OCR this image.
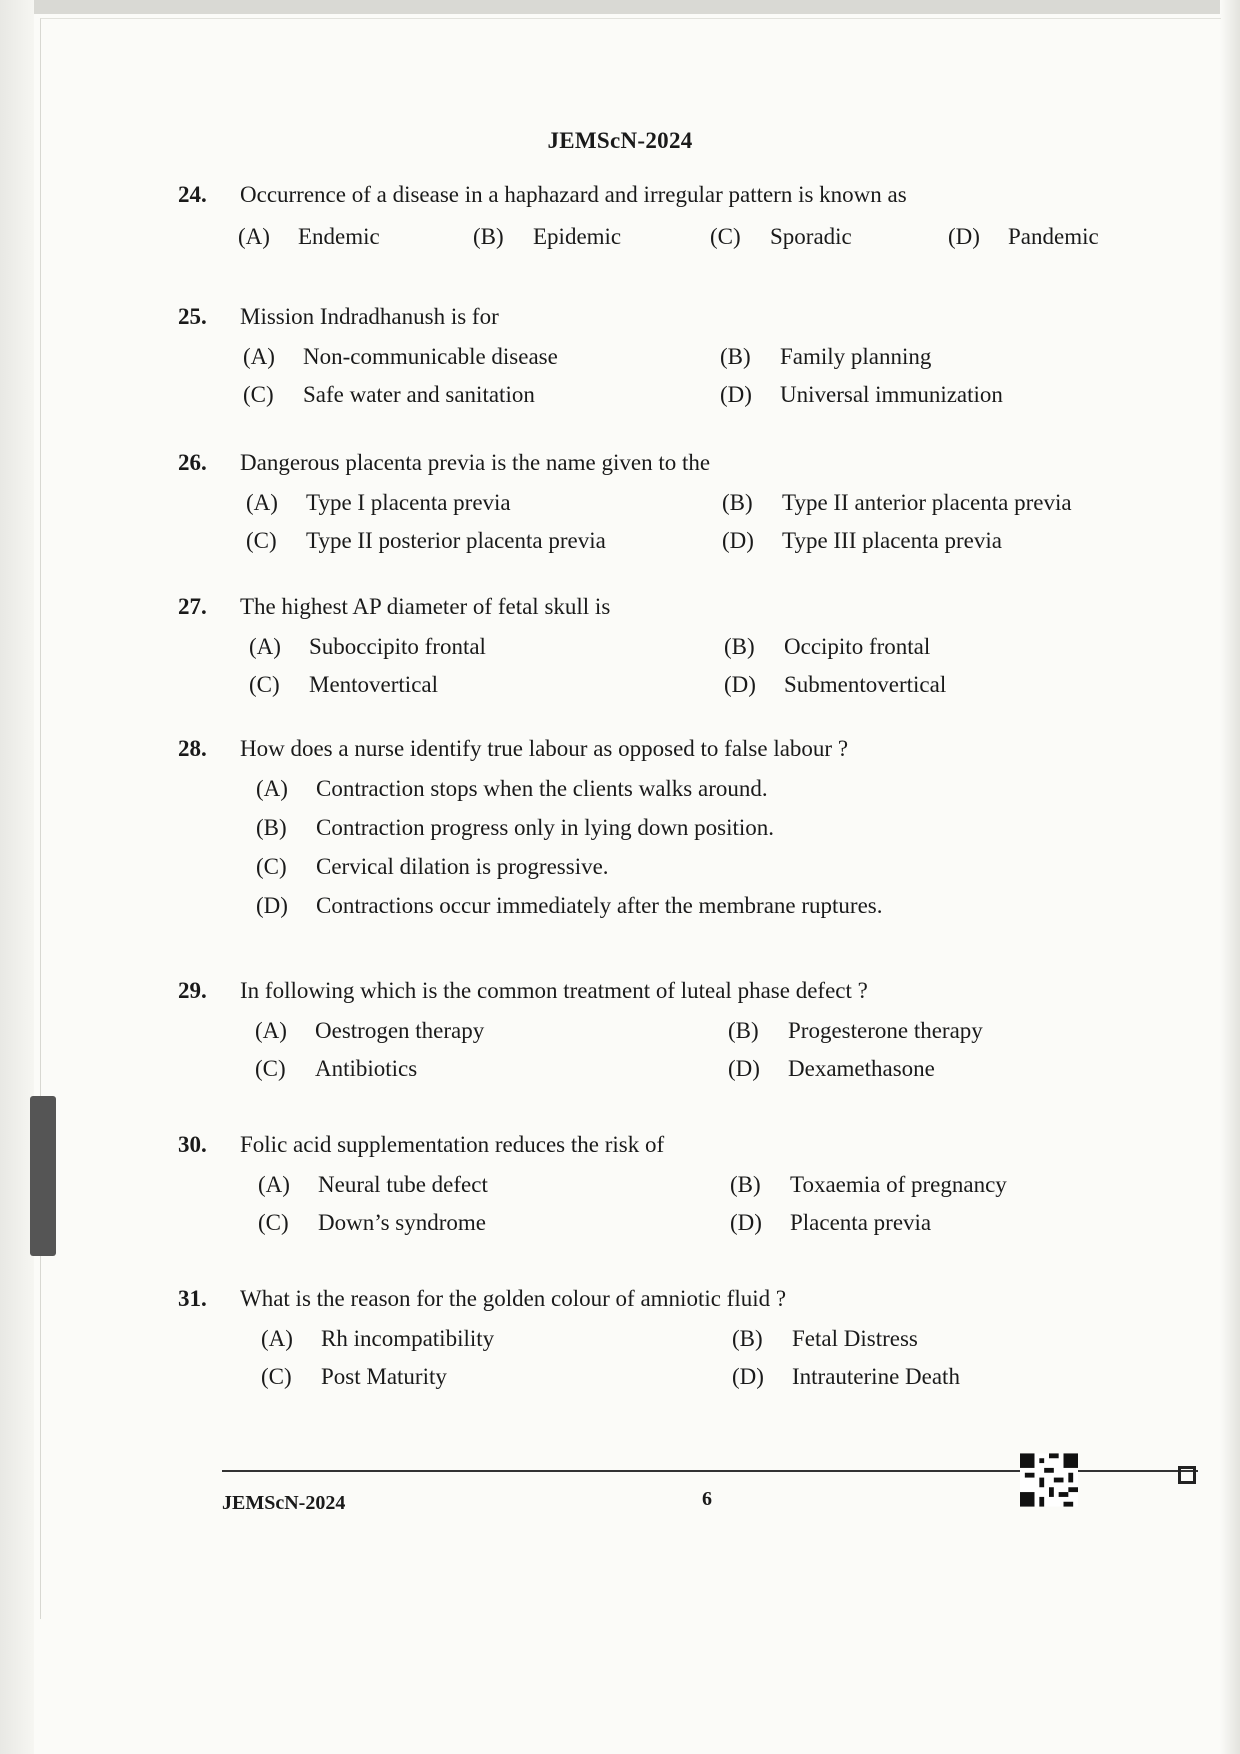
JEMScN-2024
24. Occurrence of a disease in a haphazard and irregular pattern is known as
(A) Endemic	(B) Epidemic	(C) Sporadic	(D) Pandemic
25. Mission Indradhanush is for
(A) Non-communicable disease	(B) Family planning
(C) Safe water and sanitation	(D) Universal immunization
26. Dangerous placenta previa is the name given to the
(A) Type I placenta previa	(B) Type II anterior placenta previa
(C) Type II posterior placenta previa	(D) Type III placenta previa
27. The highest AP diameter of fetal skull is
(A) Suboccipito frontal	(B) Occipito frontal
(C) Mentovertical	(D) Submentovertical
28. How does a nurse identify true labour as opposed to false labour ?
(A) Contraction stops when the clients walks around.
(B) Contraction progress only in lying down position.
(C) Cervical dilation is progressive.
(D) Contractions occur immediately after the membrane ruptures.
29. In following which is the common treatment of luteal phase defect ?
(A) Oestrogen therapy	(B) Progesterone therapy
(C) Antibiotics	(D) Dexamethasone
30. Folic acid supplementation reduces the risk of
(A) Neural tube defect	(B) Toxaemia of pregnancy
(C) Down’s syndrome	(D) Placenta previa
31. What is the reason for the golden colour of amniotic fluid ?
(A) Rh incompatibility	(B) Fetal Distress
(C) Post Maturity	(D) Intrauterine Death
JEMScN-2024	6
